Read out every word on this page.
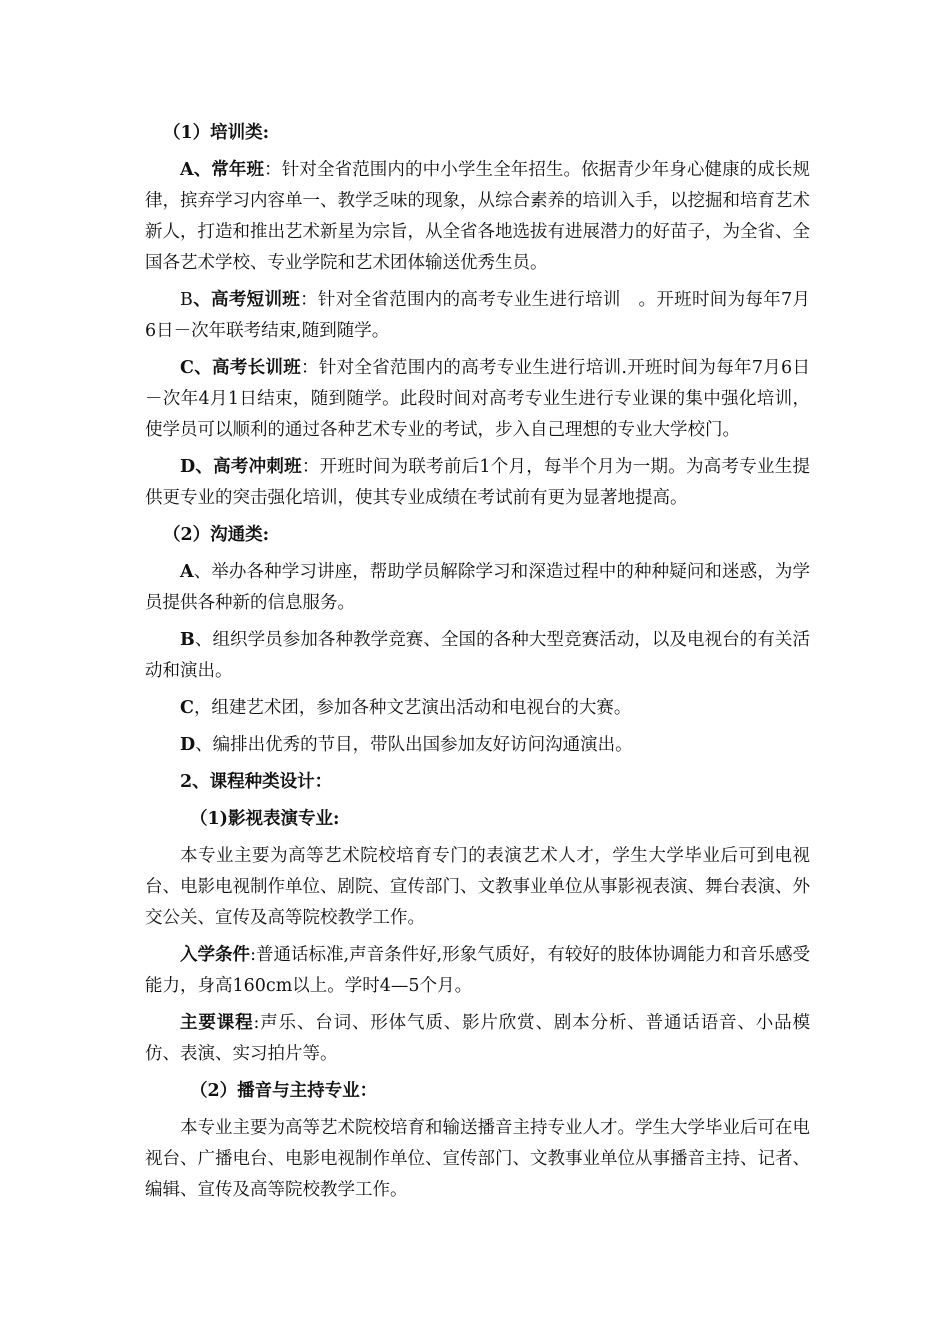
（1）培训类:

A、常年班：针对全省范围内的中小学生全年招生。依据青少年身心健康的成长规律，摈弃学习内容单一、教学乏味的现象，从综合素养的培训入手，以挖掘和培育艺术新人，打造和推出艺术新星为宗旨，从全省各地选拔有进展潜力的好苗子，为全省、全国各艺术学校、专业学院和艺术团体输送优秀生员。

B、高考短训班：针对全省范围内的高考专业生进行培训　。开班时间为每年7月6日－次年联考结束,随到随学。

C、高考长训班：针对全省范围内的高考专业生进行培训.开班时间为每年7月6日－次年4月1日结束，随到随学。此段时间对高考专业生进行专业课的集中强化培训，使学员可以顺利的通过各种艺术专业的考试，步入自己理想的专业大学校门。

D、高考冲刺班：开班时间为联考前后1个月，每半个月为一期。为高考专业生提供更专业的突击强化培训，使其专业成绩在考试前有更为显著地提高。

（2）沟通类:

A、举办各种学习讲座，帮助学员解除学习和深造过程中的种种疑问和迷惑，为学员提供各种新的信息服务。

B、组织学员参加各种教学竞赛、全国的各种大型竞赛活动，以及电视台的有关活动和演出。

C，组建艺术团，参加各种文艺演出活动和电视台的大赛。

D、编排出优秀的节目，带队出国参加友好访问沟通演出。

2、课程种类设计：

（1)影视表演专业:

本专业主要为高等艺术院校培育专门的表演艺术人才，学生大学毕业后可到电视台、电影电视制作单位、剧院、宣传部门、文教事业单位从事影视表演、舞台表演、外交公关、宣传及高等院校教学工作。

入学条件:普通话标准,声音条件好,形象气质好，有较好的肢体协调能力和音乐感受能力，身高160cm以上。学时4—5个月。

主要课程:声乐、台词、形体气质、影片欣赏、剧本分析、普通话语音、小品模仿、表演、实习拍片等。

（2）播音与主持专业：

本专业主要为高等艺术院校培育和输送播音主持专业人才。学生大学毕业后可在电视台、广播电台、电影电视制作单位、宣传部门、文教事业单位从事播音主持、记者、编辑、宣传及高等院校教学工作。
